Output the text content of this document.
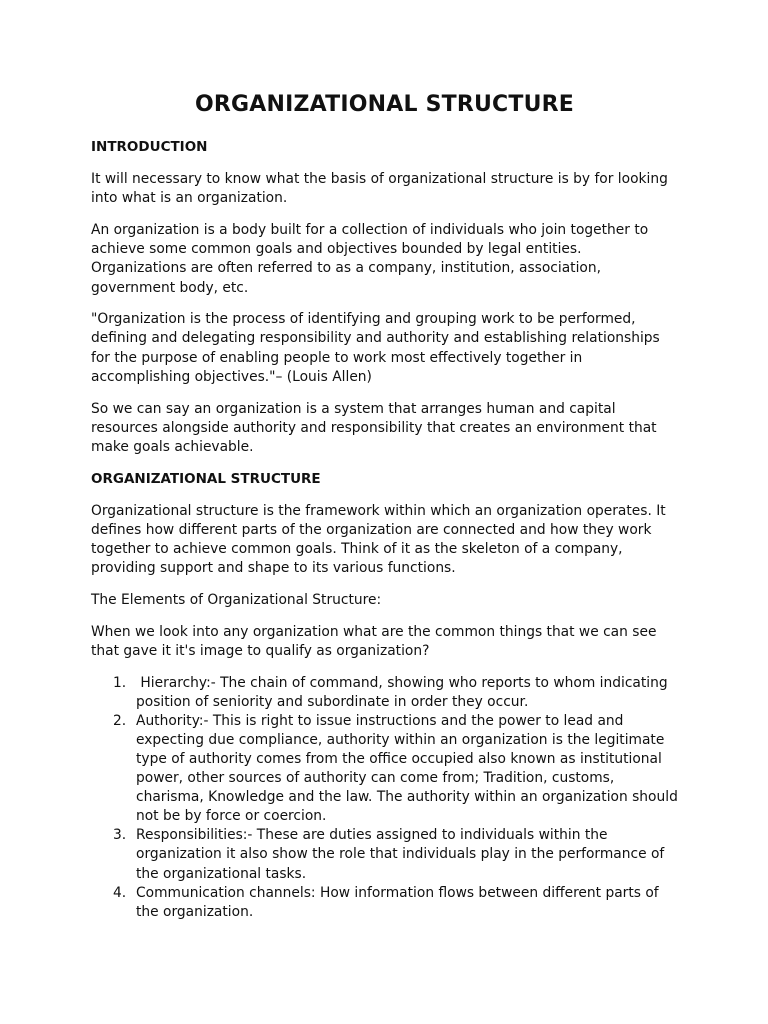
ORGANIZATIONAL STRUCTURE
INTRODUCTION

It will necessary to know what the basis of organizational structure is by for looking into what is an organization.

An organization is a body built for a collection of individuals who join together to achieve some common goals and objectives bounded by legal entities. Organizations are often referred to as a company, institution, association, government body, etc.

"Organization is the process of identifying and grouping work to be performed, defining and delegating responsibility and authority and establishing relationships for the purpose of enabling people to work most effectively together in accomplishing objectives."– (Louis Allen)

So we can say an organization is a system that arranges human and capital resources alongside authority and responsibility that creates an environment that make goals achievable.

ORGANIZATIONAL STRUCTURE

Organizational structure is the framework within which an organization operates. It defines how different parts of the organization are connected and how they work together to achieve common goals. Think of it as the skeleton of a company, providing support and shape to its various functions.

The Elements of Organizational Structure:

When we look into any organization what are the common things that we can see that gave it it's image to qualify as organization?

1. Hierarchy:- The chain of command, showing who reports to whom indicating position of seniority and subordinate in order they occur.
2. Authority:- This is right to issue instructions and the power to lead and expecting due compliance, authority within an organization is the legitimate type of authority comes from the office occupied also known as institutional power, other sources of authority can come from; Tradition, customs, charisma, Knowledge and the law. The authority within an organization should not be by force or coercion.
3. Responsibilities:- These are duties assigned to individuals within the organization it also show the role that individuals play in the performance of the organizational tasks.
4. Communication channels: How information flows between different parts of the organization.
